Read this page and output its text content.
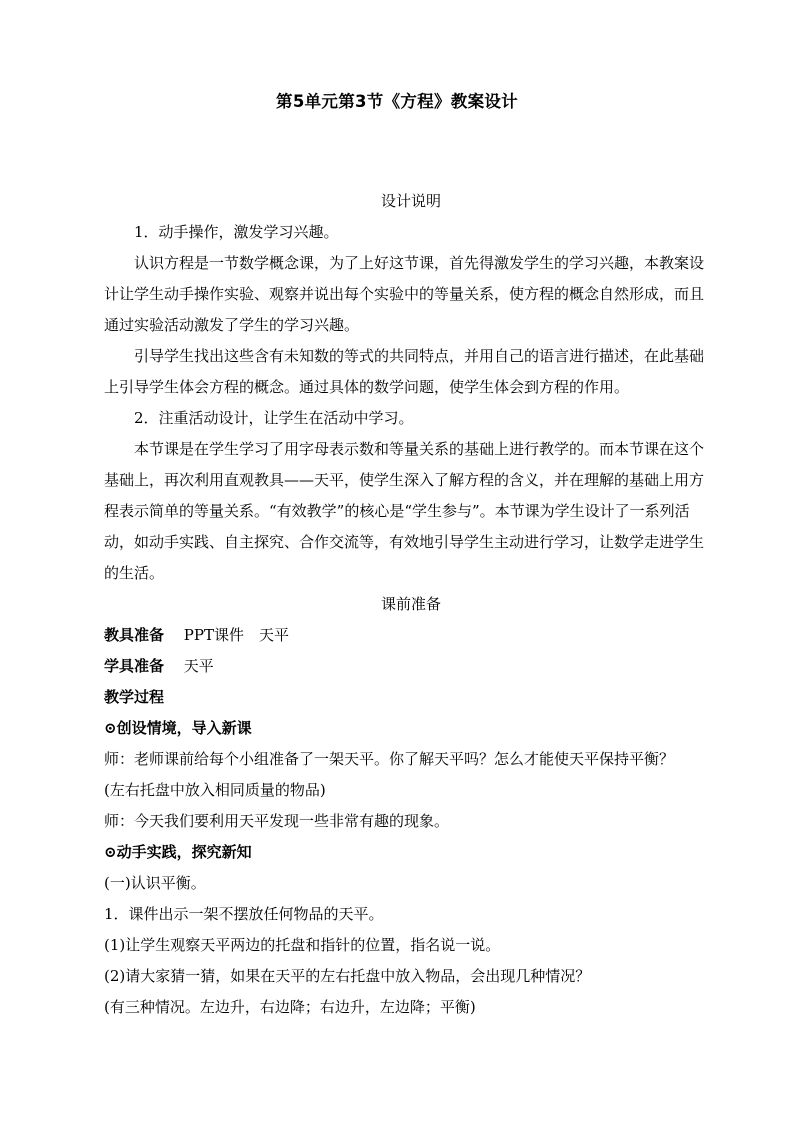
第5单元第3节《方程》教案设计

设计说明

1．动手操作，激发学习兴趣。

认识方程是一节数学概念课，为了上好这节课，首先得激发学生的学习兴趣，本教案设计让学生动手操作实验、观察并说出每个实验中的等量关系，使方程的概念自然形成，而且通过实验活动激发了学生的学习兴趣。

引导学生找出这些含有未知数的等式的共同特点，并用自己的语言进行描述，在此基础上引导学生体会方程的概念。通过具体的数学问题，使学生体会到方程的作用。

2．注重活动设计，让学生在活动中学习。

本节课是在学生学习了用字母表示数和等量关系的基础上进行教学的。而本节课在这个基础上，再次利用直观教具——天平，使学生深入了解方程的含义，并在理解的基础上用方程表示简单的等量关系。“有效教学”的核心是“学生参与”。本节课为学生设计了一系列活动，如动手实践、自主探究、合作交流等，有效地引导学生主动进行学习，让数学走进学生的生活。

课前准备

教具准备　 PPT课件　天平

学具准备　 天平

教学过程

⊙创设情境，导入新课

师：老师课前给每个小组准备了一架天平。你了解天平吗？怎么才能使天平保持平衡？

(左右托盘中放入相同质量的物品)

师：今天我们要利用天平发现一些非常有趣的现象。

⊙动手实践，探究新知

(一)认识平衡。

1．课件出示一架不摆放任何物品的天平。

(1)让学生观察天平两边的托盘和指针的位置，指名说一说。

(2)请大家猜一猜，如果在天平的左右托盘中放入物品，会出现几种情况？

(有三种情况。左边升，右边降；右边升，左边降；平衡)
